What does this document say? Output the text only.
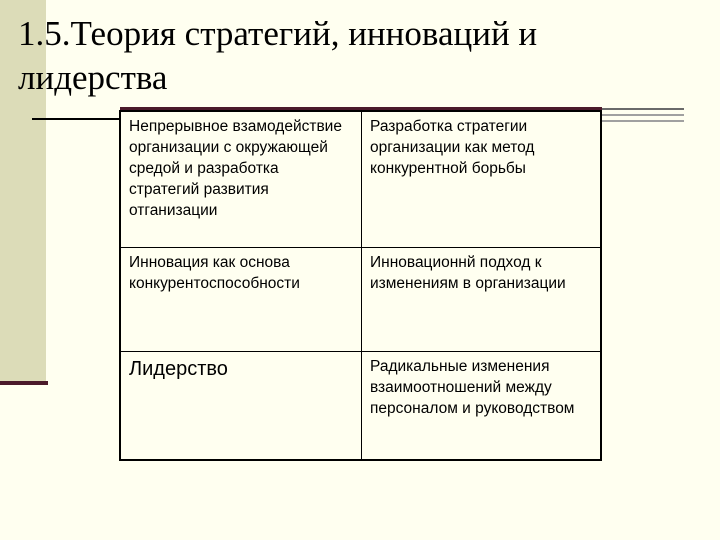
1.5.Теория стратегий, инноваций и
лидерства
Непрерывное взамодействие организации с окружающей средой и разработка стратегий развития отганизации	Разработка стратегии организации как метод конкурентной борьбы
Инновация как основа конкурентоспособности	Инновационнй подход к изменениям в организации
Лидерство	Радикальные изменения взаимоотношений между персоналом и руководством
